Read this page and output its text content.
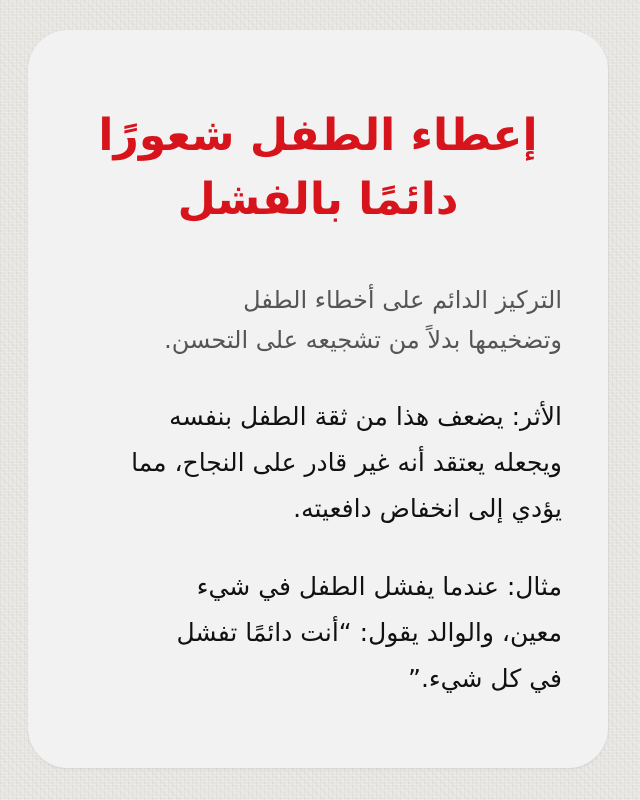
إعطاء الطفل شعورًا
دائمًا بالفشل

التركيز الدائم على أخطاء الطفل
وتضخيمها بدلاً من تشجيعه على التحسن.

الأثر: يضعف هذا من ثقة الطفل بنفسه
ويجعله يعتقد أنه غير قادر على النجاح، مما
يؤدي إلى انخفاض دافعيته.

مثال: عندما يفشل الطفل في شيء
معين، والوالد يقول: “أنت دائمًا تفشل
في كل شيء.”
